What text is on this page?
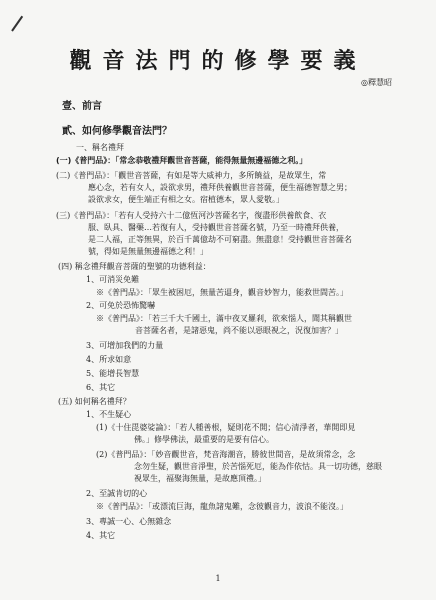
觀音法門的修學要義
◎釋慧昭
壹、前言
貳、如何修學觀音法門？
一、稱名禮拜
(一)《普門品》：「常念恭敬禮拜觀世音菩薩，能得無量無邊福德之利。」
(二)《普門品》：「觀世音菩薩，有如是等大威神力，多所饒益，是故眾生，常
應心念，若有女人，設欲求男，禮拜供養觀世音菩薩，便生福德智慧之男；
設欲求女，便生端正有相之女。宿植德本，眾人愛敬。」
(三)《普門品》：「若有人受持六十二億恆河沙菩薩名字，復盡形供養飲食、衣
服、臥具、醫藥…若復有人，受持觀世音菩薩名號，乃至一時禮拜供養，
是二人福，正等無異，於百千萬億劫不可窮盡。無盡意！受持觀世音菩薩名
號，得如是無量無邊福德之利！」
(四) 稱念禮拜觀音菩薩的聖號的功德利益：
1、可消災免難
※《普門品》：「眾生被困厄，無量苦逼身，觀音妙智力，能救世間苦。」
2、可免於恐怖驚嚇
※《普門品》：「若三千大千國土，滿中夜叉羅剎，欲來惱人，聞其稱觀世
音菩薩名者，是諸惡鬼，尚不能以惡眼視之，況復加害？」
3、可增加我們的力量
4、所求如意
5、能增長智慧
6、其它
(五) 如何稱名禮拜？
1、不生疑心
(1)《十住毘婆娑論》：「若人種善根，疑則花不開；信心清淨者，華開即見
佛。」修學佛法，最重要的是要有信心。
(2)《普門品》：「妙音觀世音，梵音海潮音，勝彼世間音，是故須常念，念
念勿生疑，觀世音淨聖，於苦惱死厄，能為作依怙。具一切功德，慈眼
視眾生，福聚海無量，是故應頂禮。」
2、至誠肯切的心
※《普門品》：「或漂流巨海，龍魚諸鬼難，念彼觀音力，波浪不能沒。」
3、專誠一心、心無雜念
4、其它
1
